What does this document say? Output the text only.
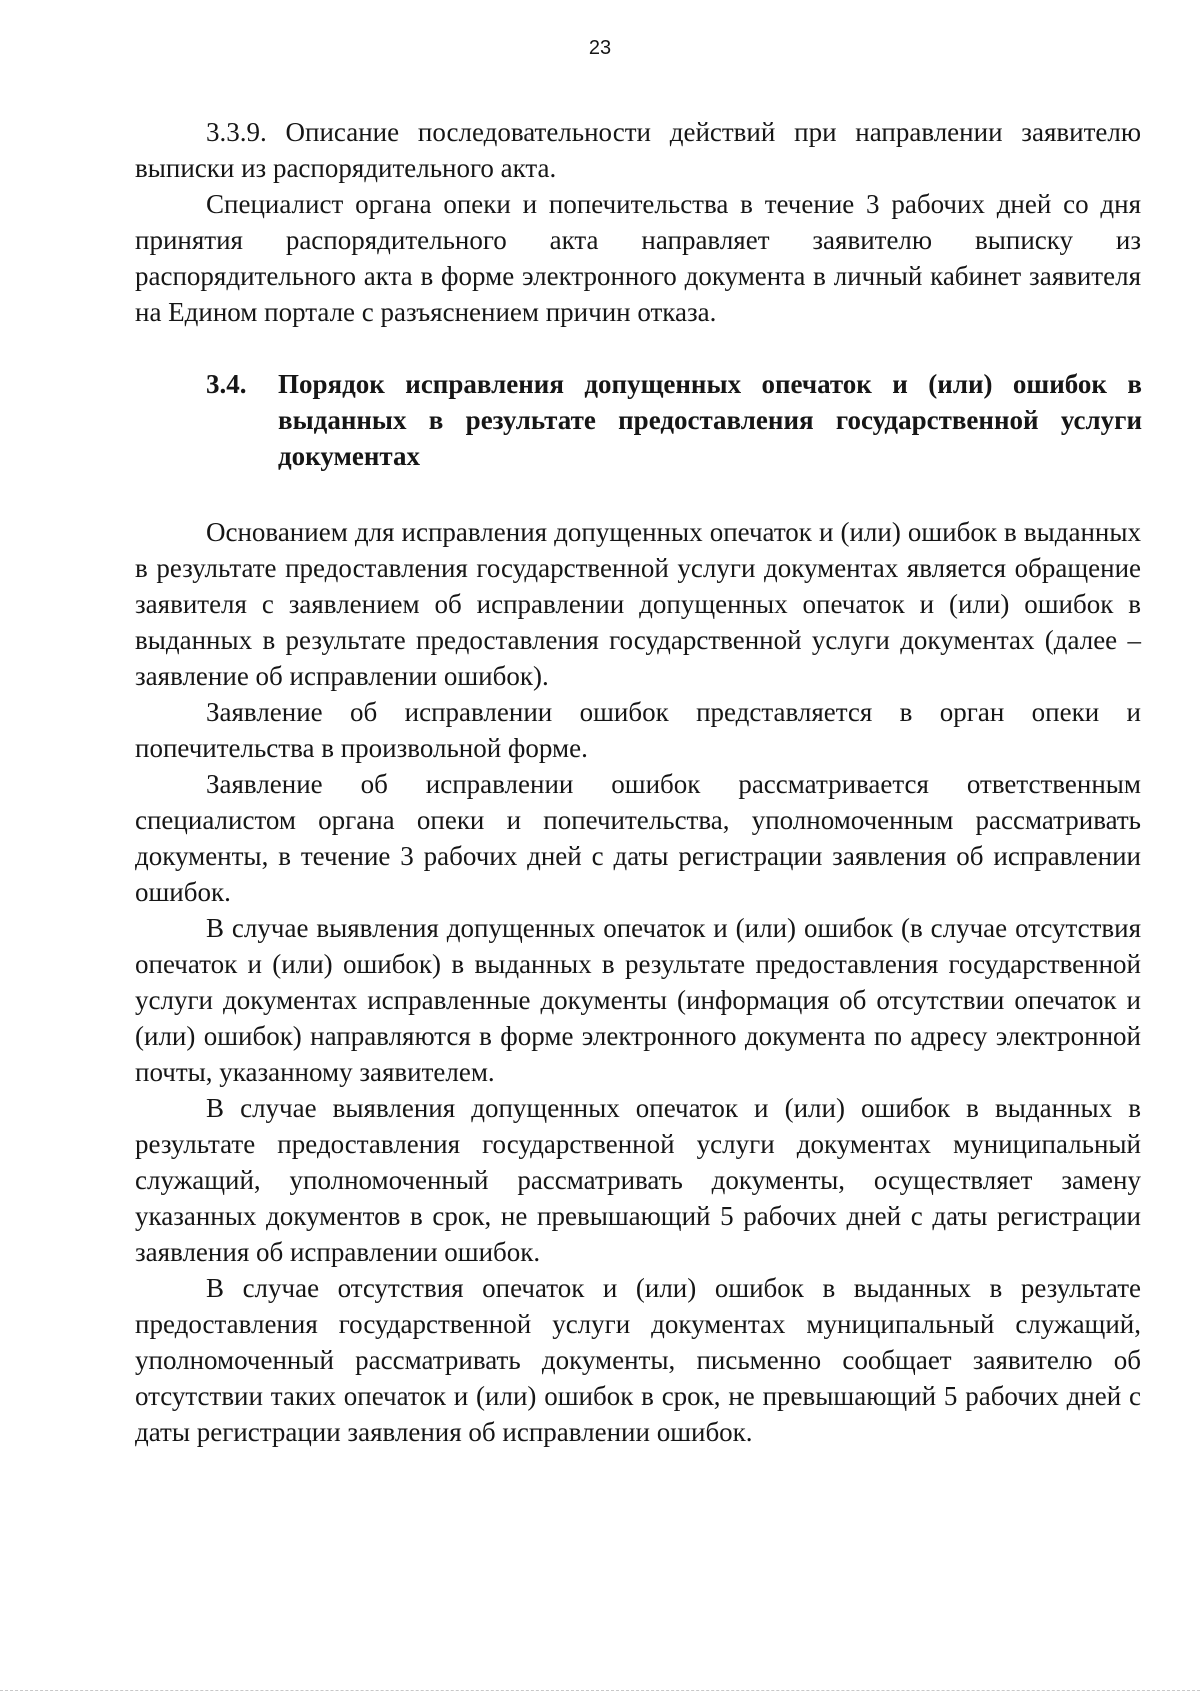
23

3.3.9. Описание последовательности действий при направлении заявителю выписки из распорядительного акта.

Специалист органа опеки и попечительства в течение 3 рабочих дней со дня принятия распорядительного акта направляет заявителю выписку из распорядительного акта в форме электронного документа в личный кабинет заявителя на Едином портале с разъяснением причин отказа.

3.4.	Порядок исправления допущенных опечаток и (или) ошибок в выданных в результате предоставления государственной услуги документах

Основанием для исправления допущенных опечаток и (или) ошибок в выданных в результате предоставления государственной услуги документах является обращение заявителя с заявлением об исправлении допущенных опечаток и (или) ошибок в выданных в результате предоставления государственной услуги документах (далее – заявление об исправлении ошибок).

Заявление об исправлении ошибок представляется в орган опеки и попечительства в произвольной форме.

Заявление об исправлении ошибок рассматривается ответственным специалистом органа опеки и попечительства, уполномоченным рассматривать документы, в течение 3 рабочих дней с даты регистрации заявления об исправлении ошибок.

В случае выявления допущенных опечаток и (или) ошибок (в случае отсутствия опечаток и (или) ошибок) в выданных в результате предоставления государственной услуги документах исправленные документы (информация об отсутствии опечаток и (или) ошибок) направляются в форме электронного документа по адресу электронной почты, указанному заявителем.

В случае выявления допущенных опечаток и (или) ошибок в выданных в результате предоставления государственной услуги документах муниципальный служащий, уполномоченный рассматривать документы, осуществляет замену указанных документов в срок, не превышающий 5 рабочих дней с даты регистрации заявления об исправлении ошибок.

В случае отсутствия опечаток и (или) ошибок в выданных в результате предоставления государственной услуги документах муниципальный служащий, уполномоченный рассматривать документы, письменно сообщает заявителю об отсутствии таких опечаток и (или) ошибок в срок, не превышающий 5 рабочих дней с даты регистрации заявления об исправлении ошибок.
